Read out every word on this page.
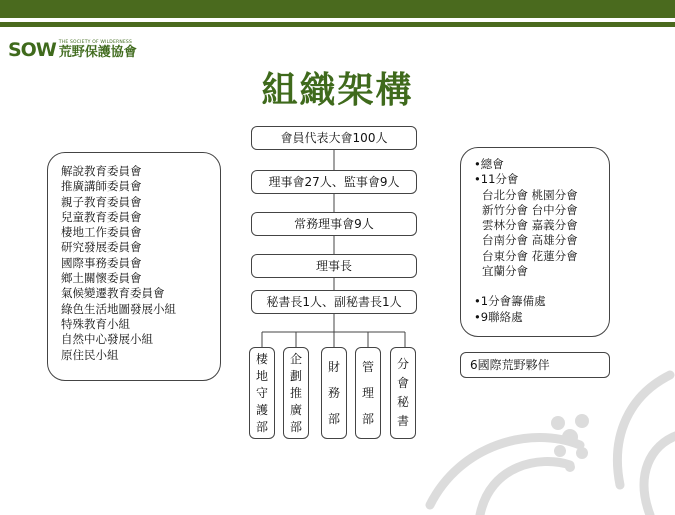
SOW THE SOCIETY OF WILDERNESS
荒野保護協會
組織架構
會員代表大會100人
理事會27人、監事會9人
常務理事會9人
理事長
秘書長1人、副秘書長1人
棲
地
守
護
部
企
劃
推
廣
部
財
務
部
管
理
部
分
會
秘
書
解說教育委員會
推廣講師委員會
親子教育委員會
兒童教育委員會
棲地工作委員會
研究發展委員會
國際事務委員會
鄉土關懷委員會
氣候變遷教育委員會
綠色生活地圖發展小組
特殊教育小組
自然中心發展小組
原住民小組
•總會
•11分會
台北分會 桃園分會
新竹分會 台中分會
雲林分會 嘉義分會
台南分會 高雄分會
台東分會 花蓮分會
宜蘭分會
•1分會籌備處
•9聯絡處
6國際荒野夥伴
